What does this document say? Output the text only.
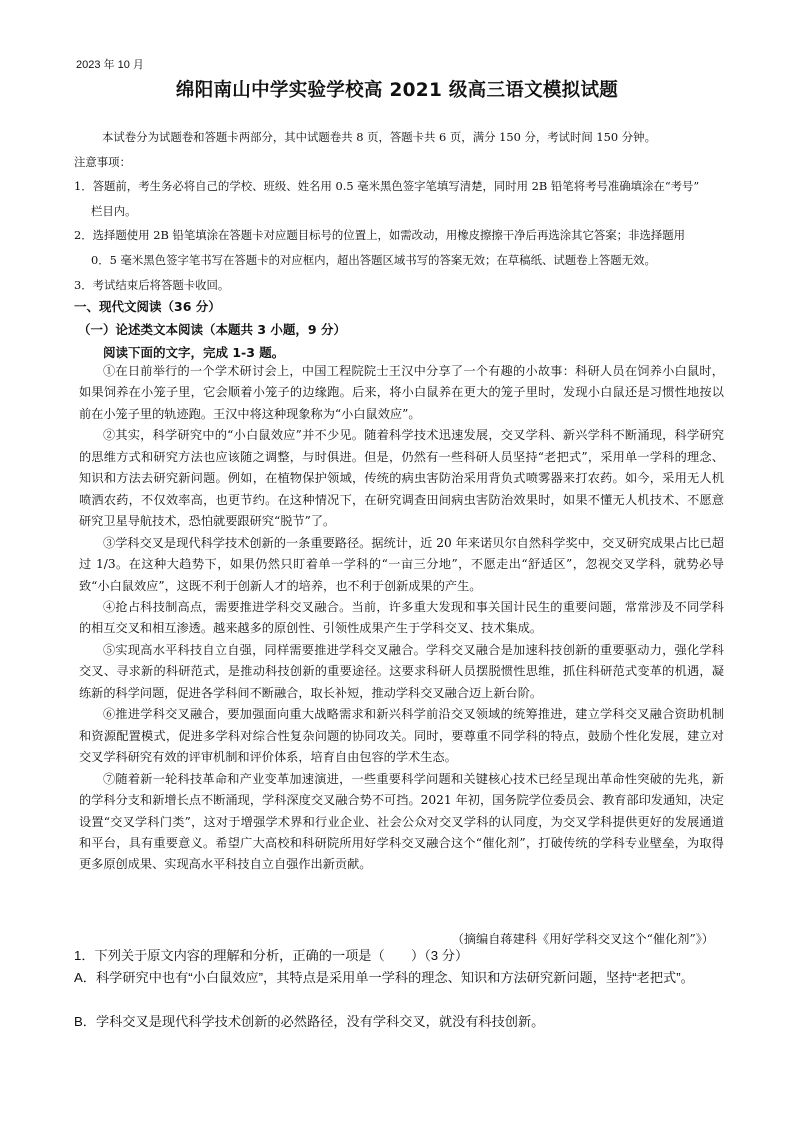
2023 年 10 月
绵阳南山中学实验学校高 2021 级高三语文模拟试题
本试卷分为试题卷和答题卡两部分，其中试题卷共 8 页，答题卡共 6 页，满分 150 分，考试时间 150 分钟。
注意事项：
1．答题前，考生务必将自己的学校、班级、姓名用 0.5 毫米黑色签字笔填写清楚，同时用 2B 铅笔将考号准确填涂在“考号”
栏目内。
2．选择题使用 2B 铅笔填涂在答题卡对应题目标号的位置上，如需改动，用橡皮擦擦干净后再选涂其它答案；非选择题用
0．5 毫米黑色签字笔书写在答题卡的对应框内，超出答题区域书写的答案无效；在草稿纸、试题卷上答题无效。
3．考试结束后将答题卡收回。
一、现代文阅读（36 分）
（一）论述类文本阅读（本题共 3 小题，9 分）
阅读下面的文字，完成 1-3 题。

①在日前举行的一个学术研讨会上，中国工程院院士王汉中分享了一个有趣的小故事：科研人员在饲养小白鼠时，如果饲养在小笼子里，它会顺着小笼子的边缘跑。后来，将小白鼠养在更大的笼子里时，发现小白鼠还是习惯性地按以前在小笼子里的轨迹跑。王汉中将这种现象称为“小白鼠效应”。

②其实，科学研究中的“小白鼠效应”并不少见。随着科学技术迅速发展，交叉学科、新兴学科不断涌现，科学研究的思维方式和研究方法也应该随之调整，与时俱进。但是，仍然有一些科研人员坚持“老把式”，采用单一学科的理念、知识和方法去研究新问题。例如，在植物保护领域，传统的病虫害防治采用背负式喷雾器来打农药。如今，采用无人机喷洒农药，不仅效率高，也更节约。在这种情况下，在研究调查田间病虫害防治效果时，如果不懂无人机技术、不愿意研究卫星导航技术，恐怕就要跟研究“脱节”了。

③学科交叉是现代科学技术创新的一条重要路径。据统计，近 20 年来诺贝尔自然科学奖中，交叉研究成果占比已超过 1/3。在这种大趋势下，如果仍然只盯着单一学科的“一亩三分地”，不愿走出“舒适区”，忽视交叉学科，就势必导致“小白鼠效应”，这既不利于创新人才的培养，也不利于创新成果的产生。

④抢占科技制高点，需要推进学科交叉融合。当前，许多重大发现和事关国计民生的重要问题，常常涉及不同学科的相互交叉和相互渗透。越来越多的原创性、引领性成果产生于学科交叉、技术集成。

⑤实现高水平科技自立自强，同样需要推进学科交叉融合。学科交叉融合是加速科技创新的重要驱动力，强化学科交叉、寻求新的科研范式，是推动科技创新的重要途径。这要求科研人员摆脱惯性思维，抓住科研范式变革的机遇，凝练新的科学问题，促进各学科间不断融合，取长补短，推动学科交叉融合迈上新台阶。

⑥推进学科交叉融合，要加强面向重大战略需求和新兴科学前沿交叉领域的统筹推进，建立学科交叉融合资助机制和资源配置模式，促进多学科对综合性复杂问题的协同攻关。同时，要尊重不同学科的特点，鼓励个性化发展，建立对交叉学科研究有效的评审机制和评价体系，培育自由包容的学术生态。

⑦随着新一轮科技革命和产业变革加速演进，一些重要科学问题和关键核心技术已经呈现出革命性突破的先兆，新的学科分支和新增长点不断涌现，学科深度交叉融合势不可挡。2021 年初，国务院学位委员会、教育部印发通知，决定设置“交叉学科门类”，这对于增强学术界和行业企业、社会公众对交叉学科的认同度，为交叉学科提供更好的发展通道和平台，具有重要意义。希望广大高校和科研院所用好学科交叉融合这个“催化剂”，打破传统的学科专业壁垒，为取得更多原创成果、实现高水平科技自立自强作出新贡献。

（摘编自蒋建科《用好学科交叉这个“催化剂”》）
1．下列关于原文内容的理解和分析，正确的一项是（　　）（3 分）
A．科学研究中也有“小白鼠效应”，其特点是采用单一学科的理念、知识和方法研究新问题，坚持“老把式”。
B．学科交叉是现代科学技术创新的必然路径，没有学科交叉，就没有科技创新。
